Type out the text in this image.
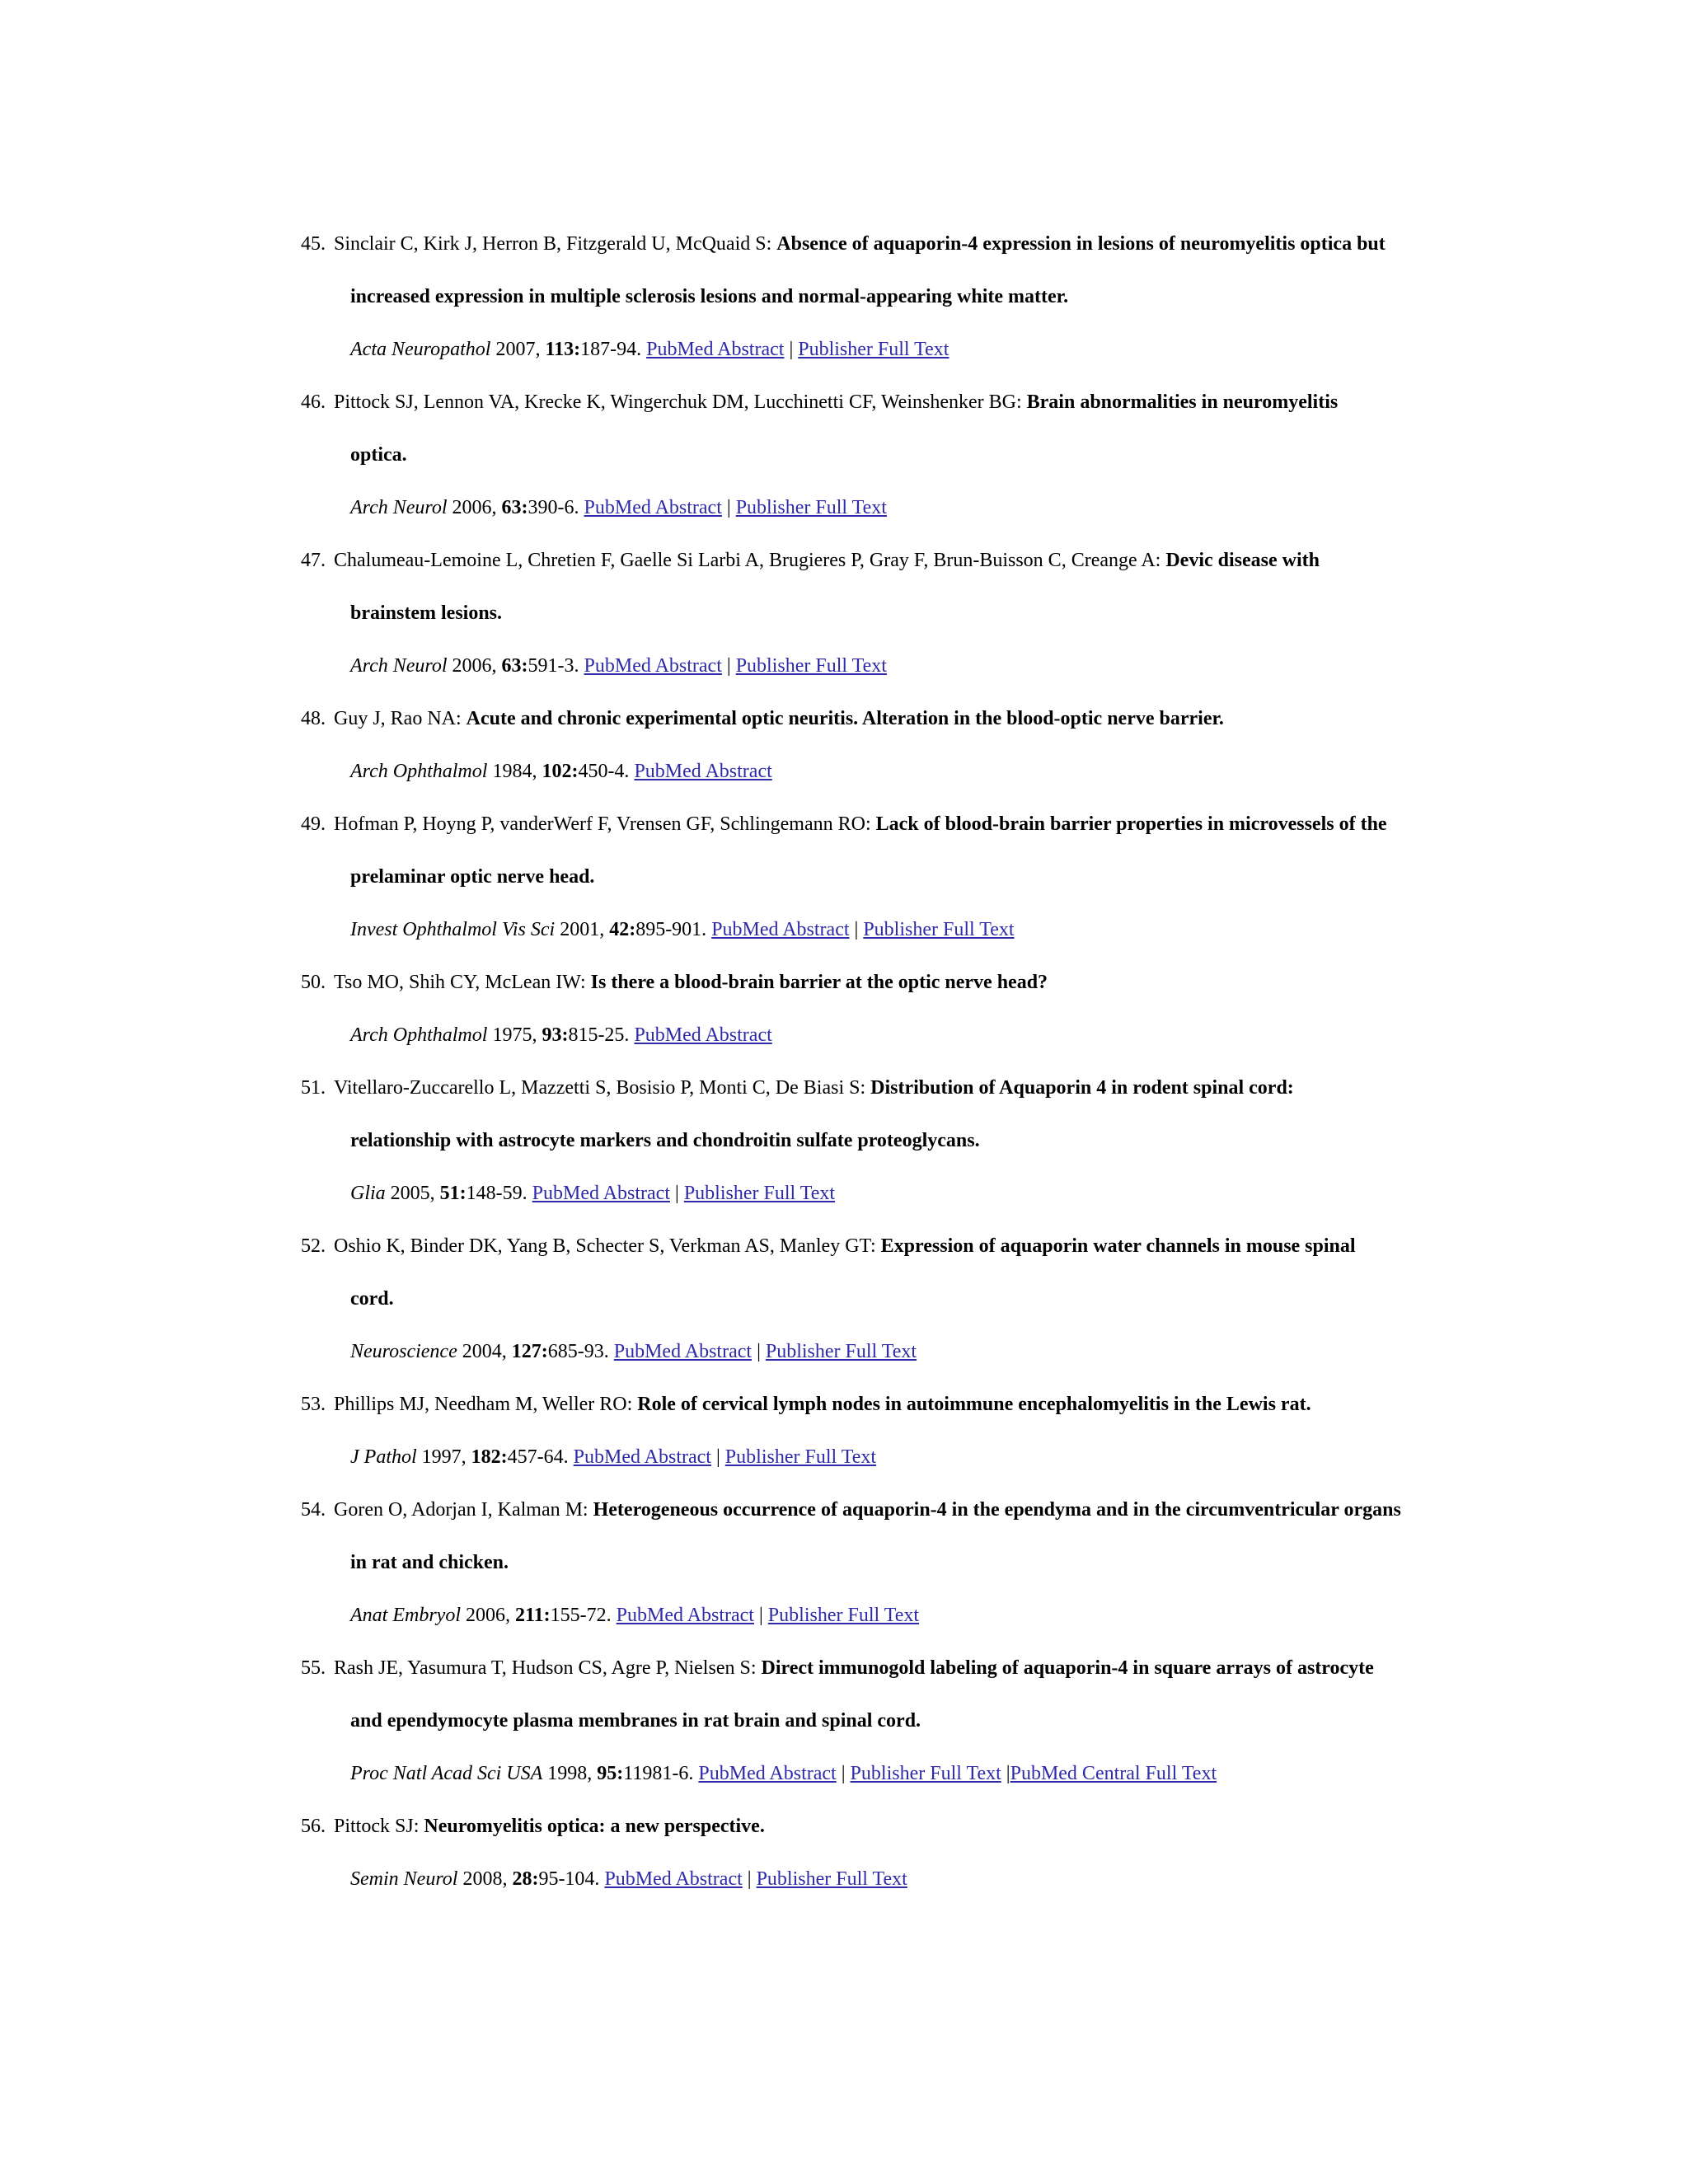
45. Sinclair C, Kirk J, Herron B, Fitzgerald U, McQuaid S: Absence of aquaporin-4 expression in lesions of neuromyelitis optica but
increased expression in multiple sclerosis lesions and normal-appearing white matter.
Acta Neuropathol 2007, 113:187-94. PubMed Abstract | Publisher Full Text
46. Pittock SJ, Lennon VA, Krecke K, Wingerchuk DM, Lucchinetti CF, Weinshenker BG: Brain abnormalities in neuromyelitis
optica.
Arch Neurol 2006, 63:390-6. PubMed Abstract | Publisher Full Text
47. Chalumeau-Lemoine L, Chretien F, Gaelle Si Larbi A, Brugieres P, Gray F, Brun-Buisson C, Creange A: Devic disease with
brainstem lesions.
Arch Neurol 2006, 63:591-3. PubMed Abstract | Publisher Full Text
48. Guy J, Rao NA: Acute and chronic experimental optic neuritis. Alteration in the blood-optic nerve barrier.
Arch Ophthalmol 1984, 102:450-4. PubMed Abstract
49. Hofman P, Hoyng P, vanderWerf F, Vrensen GF, Schlingemann RO: Lack of blood-brain barrier properties in microvessels of the
prelaminar optic nerve head.
Invest Ophthalmol Vis Sci 2001, 42:895-901. PubMed Abstract | Publisher Full Text
50. Tso MO, Shih CY, McLean IW: Is there a blood-brain barrier at the optic nerve head?
Arch Ophthalmol 1975, 93:815-25. PubMed Abstract
51. Vitellaro-Zuccarello L, Mazzetti S, Bosisio P, Monti C, De Biasi S: Distribution of Aquaporin 4 in rodent spinal cord:
relationship with astrocyte markers and chondroitin sulfate proteoglycans.
Glia 2005, 51:148-59. PubMed Abstract | Publisher Full Text
52. Oshio K, Binder DK, Yang B, Schecter S, Verkman AS, Manley GT: Expression of aquaporin water channels in mouse spinal
cord.
Neuroscience 2004, 127:685-93. PubMed Abstract | Publisher Full Text
53. Phillips MJ, Needham M, Weller RO: Role of cervical lymph nodes in autoimmune encephalomyelitis in the Lewis rat.
J Pathol 1997, 182:457-64. PubMed Abstract | Publisher Full Text
54. Goren O, Adorjan I, Kalman M: Heterogeneous occurrence of aquaporin-4 in the ependyma and in the circumventricular organs
in rat and chicken.
Anat Embryol 2006, 211:155-72. PubMed Abstract | Publisher Full Text
55. Rash JE, Yasumura T, Hudson CS, Agre P, Nielsen S: Direct immunogold labeling of aquaporin-4 in square arrays of astrocyte
and ependymocyte plasma membranes in rat brain and spinal cord.
Proc Natl Acad Sci USA 1998, 95:11981-6. PubMed Abstract | Publisher Full Text |PubMed Central Full Text
56. Pittock SJ: Neuromyelitis optica: a new perspective.
Semin Neurol 2008, 28:95-104. PubMed Abstract | Publisher Full Text
